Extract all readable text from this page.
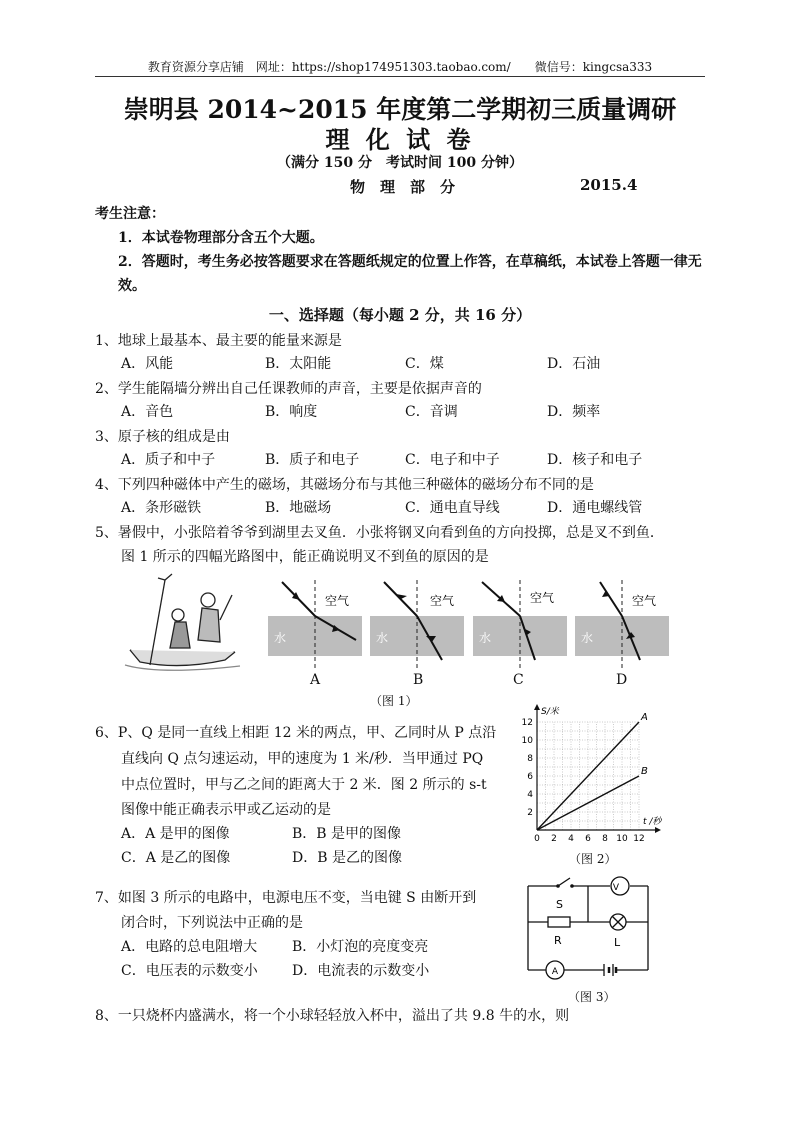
教育资源分享店铺　网址：https://shop174951303.taobao.com/　　微信号：kingcsa333
崇明县 2014~2015 年度第二学期初三质量调研
理 化 试 卷
（满分 150 分　考试时间 100 分钟）
物　理　部　分	2015.4
考生注意：
1．本试卷物理部分含五个大题。
2．答题时，考生务必按答题要求在答题纸规定的位置上作答，在草稿纸，本试卷上答题一律无
效。
一、选择题（每小题 2 分，共 16 分）
1、地球上最基本、最主要的能量来源是
A．风能	B．太阳能	C．煤	D．石油
2、学生能隔墙分辨出自己任课教师的声音，主要是依据声音的
A．音色	B．响度	C．音调	D．频率
3、原子核的组成是由
A．质子和中子	B．质子和电子	C．电子和中子	D．核子和电子
4、下列四种磁体中产生的磁场，其磁场分布与其他三种磁体的磁场分布不同的是
A．条形磁铁	B．地磁场	C．通电直导线	D．通电螺线管
5、暑假中，小张陪着爷爷到湖里去叉鱼．小张将钢叉向看到鱼的方向投掷，总是叉不到鱼．
图 1 所示的四幅光路图中，能正确说明叉不到鱼的原因的是
空气
水
空气
水
空气
水
空气
水
A	B	C	D
（图 1）
6、P、Q 是同一直线上相距 12 米的两点，甲、乙同时从 P 点沿
直线向 Q 点匀速运动，甲的速度为 1 米/秒．当甲通过 PQ
中点位置时，甲与乙之间的距离大于 2 米．图 2 所示的 s-t
图像中能正确表示甲或乙运动的是
A．A 是甲的图像	B．B 是甲的图像
C．A 是乙的图像	D．B 是乙的图像
t /秒
S/米
0 2 4 6 8 10 12
2
4
6
8
10
12	A
B
（图 2）
7、如图 3 所示的电路中，电源电压不变，当电键 S 由断开到
闭合时，下列说法中正确的是
A．电路的总电阻增大 B．小灯泡的亮度变亮
C．电压表的示数变小 D．电流表的示数变小
V
A
S
R	L
（图 3）
8、一只烧杯内盛满水，将一个小球轻轻放入杯中，溢出了共 9.8 牛的水，则
